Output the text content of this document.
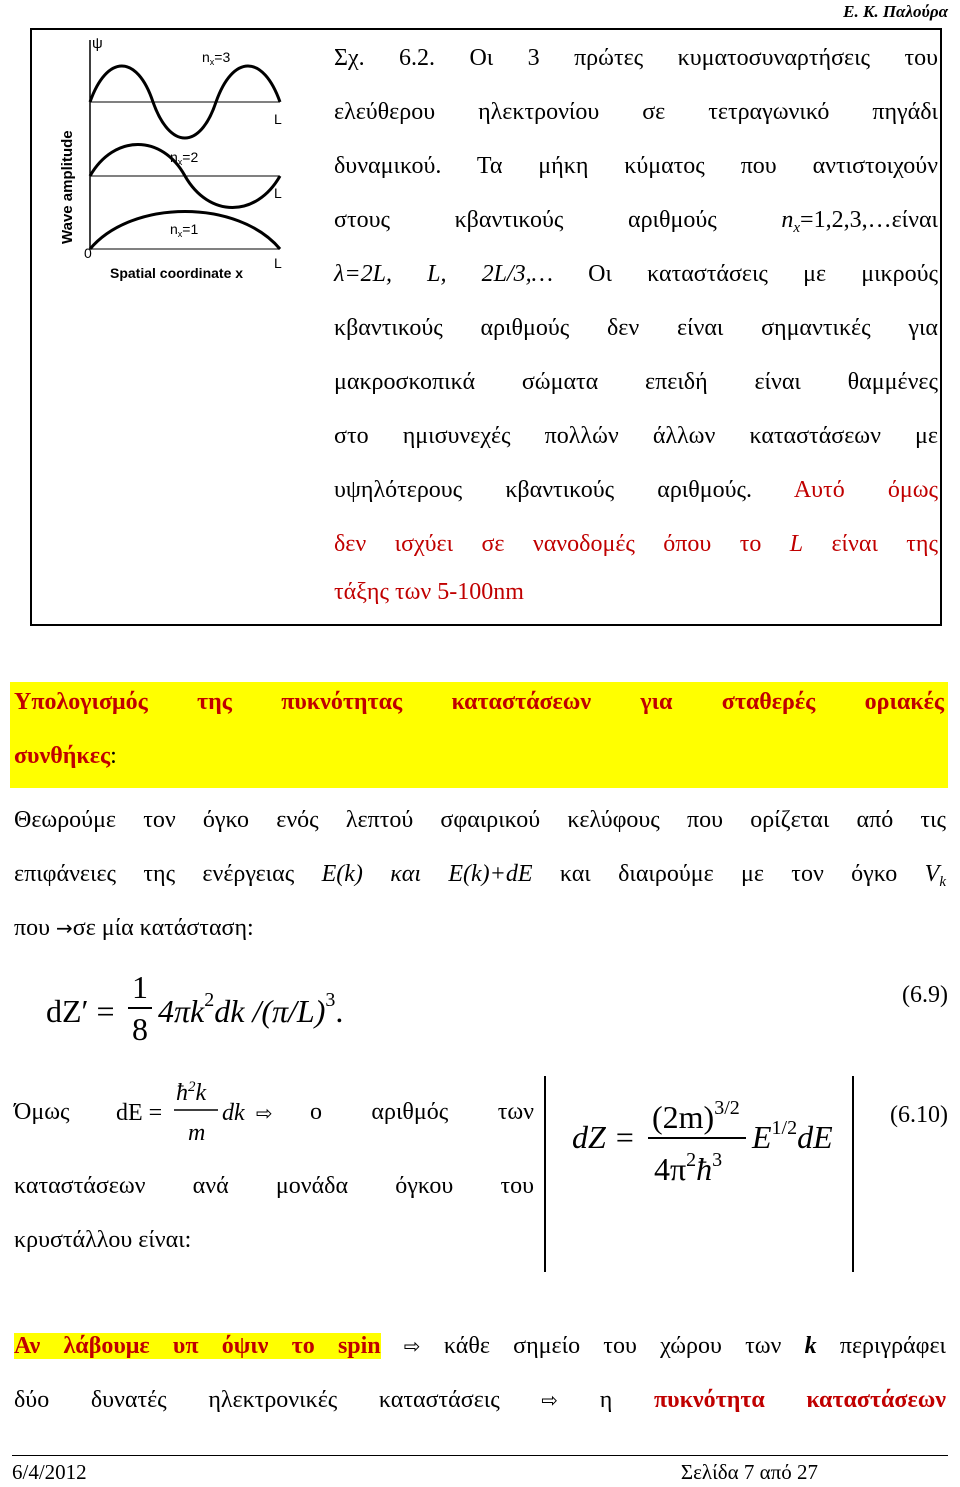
Ε. Κ. Παλούρα
ψ
Wave amplitude
0
Spatial coordinate x
$n_x=3$
L
$n_x=2$
L
$n_x=1$
L
Σχ. 6.2. Οι 3 πρώτες κυματοσυναρτήσεις του
ελεύθερου ηλεκτρονίου σε τετραγωνικό πηγάδι
δυναμικού. Τα μήκη κύματος που αντιστοιχούν
στους κβαντικούς αριθμούς $n_x=1,2,3,\dots\varepsilon ί\nu\alpha\iota$
λ=2L, L, 2L/3,… Οι καταστάσεις με μικρούς
κβαντικούς αριθμούς δεν είναι σημαντικές για
μακροσκοπικά σώματα επειδή είναι θαμμένες
στο ημισυνεχές πολλών άλλων καταστάσεων με
υψηλότερους κβαντικούς αριθμούς. Αυτό όμως
δεν ισχύει σε νανοδομές όπου το L είναι της
τάξης των 5-100nm
Υπολογισμός της πυκνότητας καταστάσεων για σταθερές οριακές
συνθήκες:
Θεωρούμε τον όγκο ενός λεπτού σφαιρικού κελύφους που ορίζεται από τις
επιφάνειες της ενέργειας E(k) και E(k)+dE και διαιρούμε με τον όγκο $V_k$
που →σε μία κατάσταση:
dZ′ =
1
8 $4\pi k^2dk$ $/(\pi/L)^3$.	(6.9)
Όμως dE =
$ħ^2k$
m
dk ⇨ ο αριθμός των
καταστάσεων ανά μονάδα όγκου του
κρυστάλλου είναι:
dZ =
$(2m)^{3/2}$
$4\pi^2ħ^3$
$E^{1/2}dE$
(6.10)
Αν λάβουμε υπ όψιν το spin ⇨ κάθε σημείο του χώρου των k περιγράφει
δύο δυνατές ηλεκτρονικές καταστάσεις ⇨ η πυκνότητα καταστάσεων
6/4/2012	Σελίδα 7 από 27
